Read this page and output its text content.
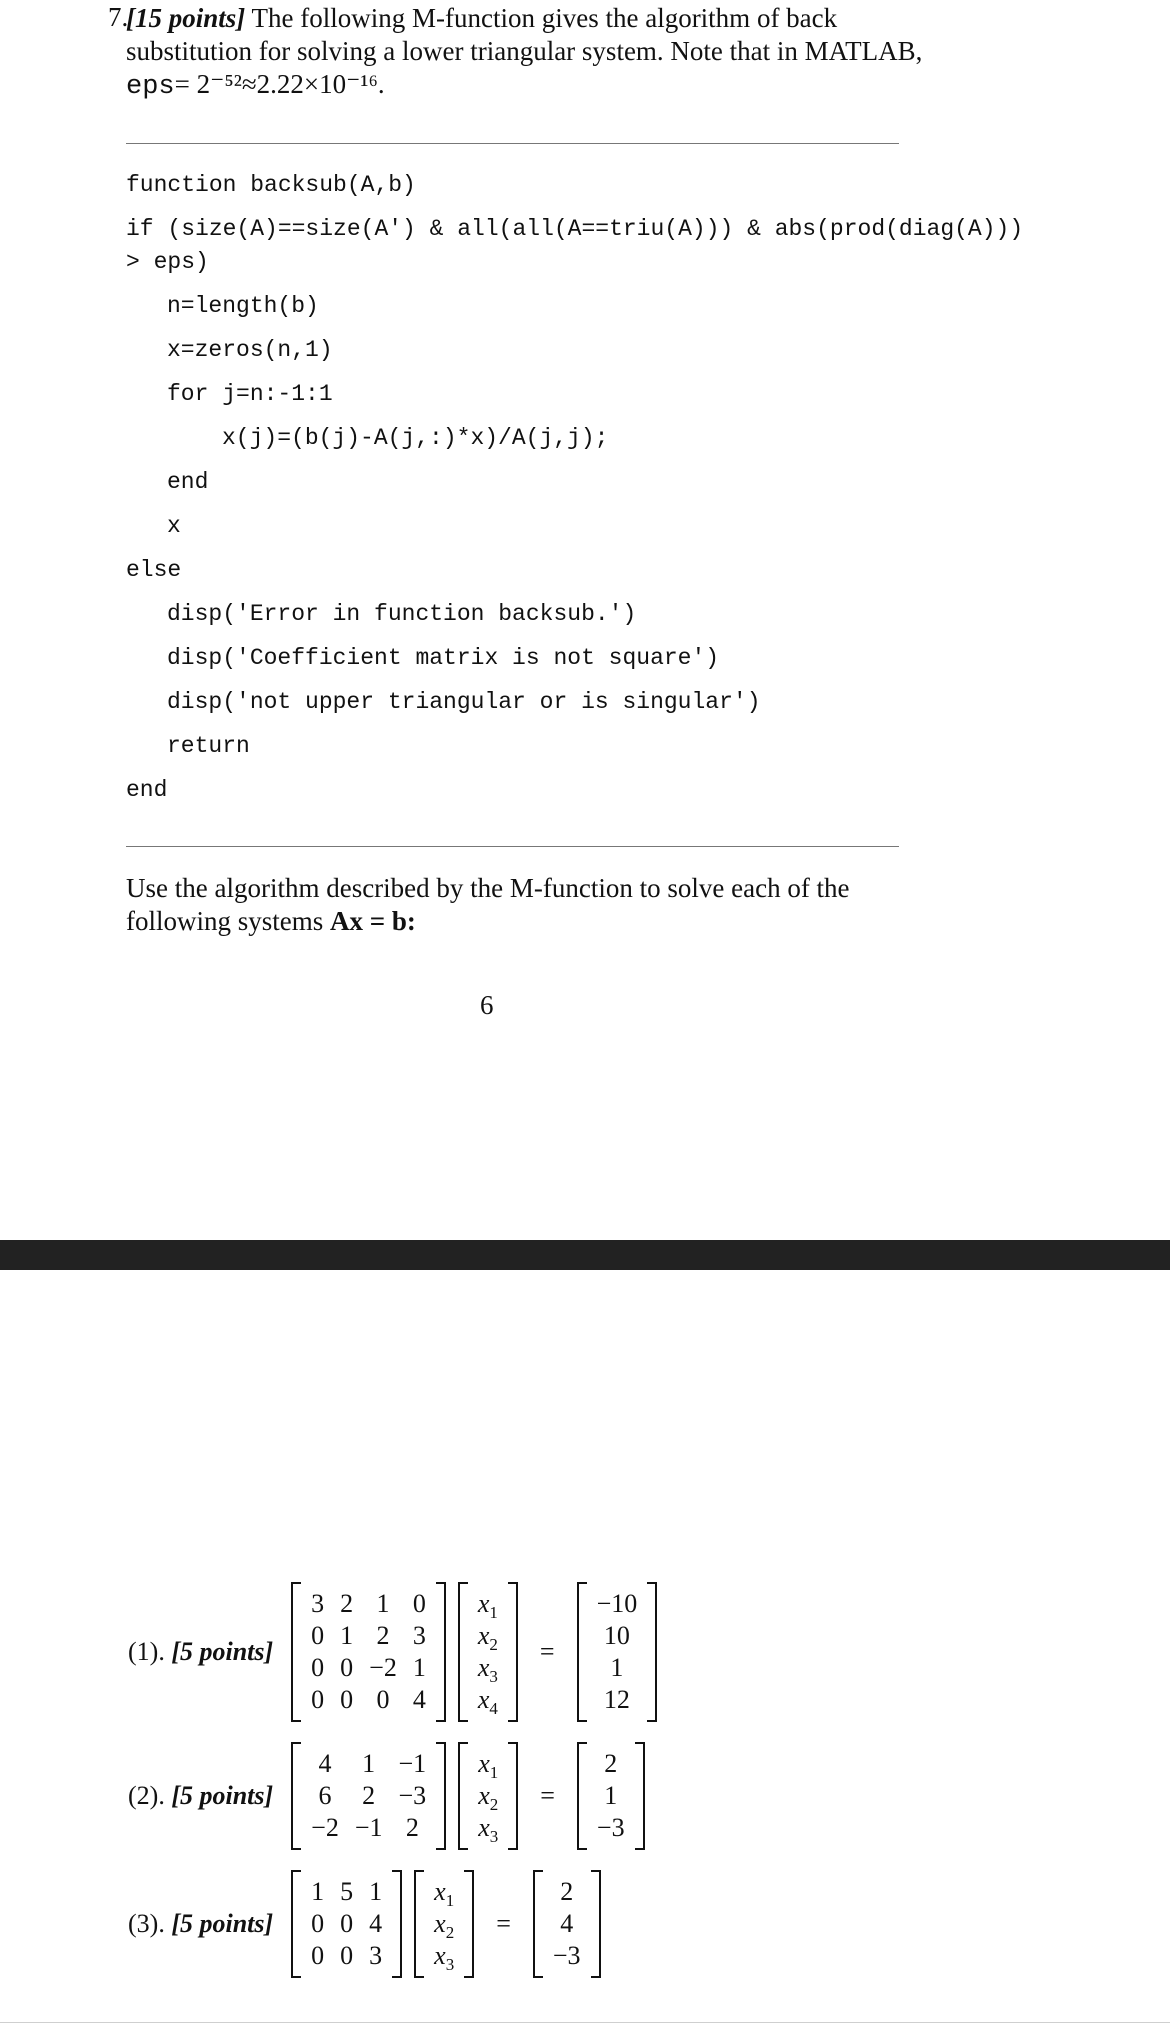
7.
[15 points] The following M-function gives the algorithm of back substitution for solving a lower triangular system. Note that in MATLAB,
eps= 2⁻⁵²≈2.22×10⁻¹⁶.
function backsub(A,b)
if (size(A)==size(A′) & all(all(A==triu(A))) & abs(prod(diag(A)))
> eps)
n=length(b)
x=zeros(n,1)
for j=n:-1:1
x(j)=(b(j)-A(j,:)*x)/A(j,j);
end
x
else
disp(′Error in function backsub.′)
disp(′Coefficient matrix is not square′)
disp(′not upper triangular or is singular′)
return
end
Use the algorithm described by the M-function to solve each of the following systems Ax = b:
6
(1). [5 points]
3 2 1 0
0 1 2 3
0 0 −2 1
0 0 0 4
$x_1$
$x_2$
$x_3$
$x_4$
=
−10
10
1
12
(2). [5 points]
4	1 −1
6	2 −3
−2 −1 2
$x_1$
$x_2$
$x_3$
=
2
1
−3
(3). [5 points]
1 5 1
0 0 4
0 0 3
$x_1$
$x_2$
$x_3$
=
2
4
−3
